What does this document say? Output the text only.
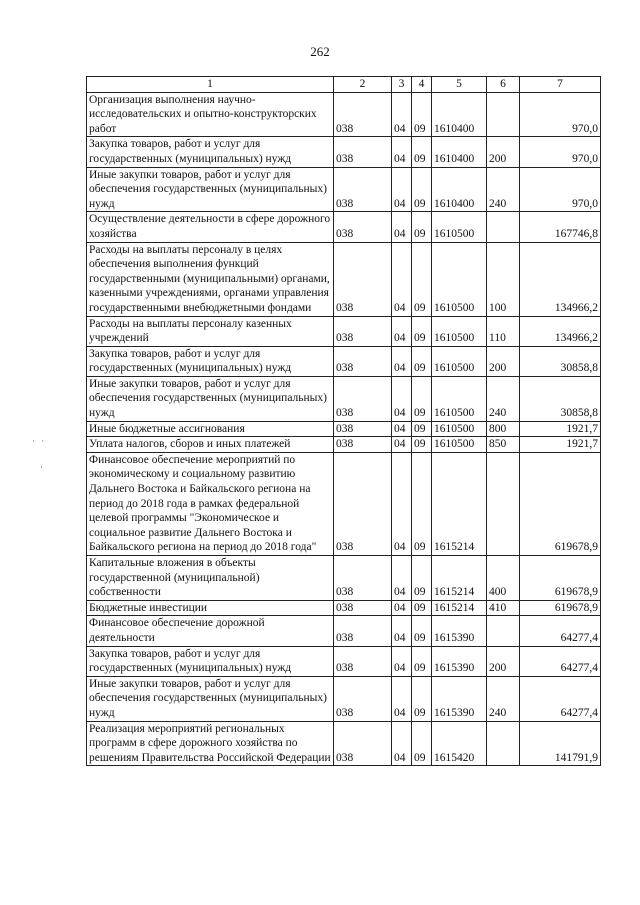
262
· ·
·
1	2	3	4	5	6	7
Организация выполнения научно-исследовательских и опытно-конструкторских работ	038	04	09	1610400		970,0
Закупка товаров, работ и услуг для государственных (муниципальных) нужд	038	04	09	1610400	200	970,0
Иные закупки товаров, работ и услуг для обеспечения государственных (муниципальных) нужд	038	04	09	1610400	240	970,0
Осуществление деятельности в сфере дорожного хозяйства	038	04	09	1610500		167746,8
Расходы на выплаты персоналу в целях обеспечения выполнения функций государственными (муниципальными) органами, казенными учреждениями, органами управления государственными внебюджетными фондами	038	04	09	1610500	100	134966,2
Расходы на выплаты персоналу казенных учреждений	038	04	09	1610500	110	134966,2
Закупка товаров, работ и услуг для государственных (муниципальных) нужд	038	04	09	1610500	200	30858,8
Иные закупки товаров, работ и услуг для обеспечения государственных (муниципальных) нужд	038	04	09	1610500	240	30858,8
Иные бюджетные ассигнования	038	04	09	1610500	800	1921,7
Уплата налогов, сборов и иных платежей	038	04	09	1610500	850	1921,7
Финансовое обеспечение мероприятий по экономическому и социальному развитию Дальнего Востока и Байкальского региона на период до 2018 года в рамках федеральной целевой программы "Экономическое и социальное развитие Дальнего Востока и Байкальского региона на период до 2018 года"	038	04	09	1615214		619678,9
Капитальные вложения в объекты государственной (муниципальной) собственности	038	04	09	1615214	400	619678,9
Бюджетные инвестиции	038	04	09	1615214	410	619678,9
Финансовое обеспечение дорожной деятельности	038	04	09	1615390		64277,4
Закупка товаров, работ и услуг для государственных (муниципальных) нужд	038	04	09	1615390	200	64277,4
Иные закупки товаров, работ и услуг для обеспечения государственных (муниципальных) нужд	038	04	09	1615390	240	64277,4
Реализация мероприятий региональных программ в сфере дорожного хозяйства по решениям Правительства Российской Федерации	038	04	09	1615420		141791,9
